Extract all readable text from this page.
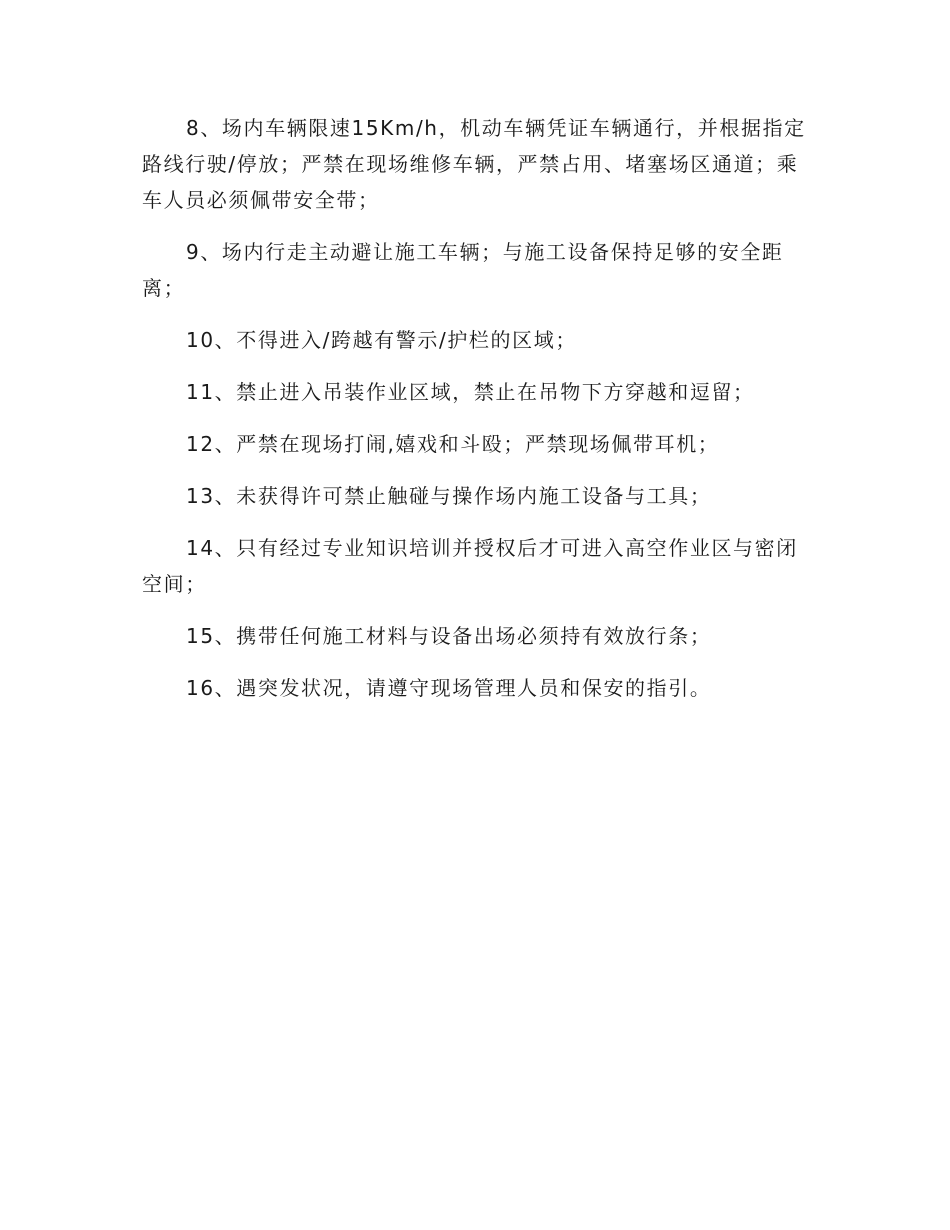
8、场内车辆限速15Km/h，机动车辆凭证车辆通行，并根据指定路线行驶/停放；严禁在现场维修车辆，严禁占用、堵塞场区通道；乘车人员必须佩带安全带；

9、场内行走主动避让施工车辆；与施工设备保持足够的安全距离；

10、不得进入/跨越有警示/护栏的区域；

11、禁止进入吊装作业区域，禁止在吊物下方穿越和逗留；

12、严禁在现场打闹,嬉戏和斗殴；严禁现场佩带耳机；

13、未获得许可禁止触碰与操作场内施工设备与工具；

14、只有经过专业知识培训并授权后才可进入高空作业区与密闭空间；

15、携带任何施工材料与设备出场必须持有效放行条；

16、遇突发状况，请遵守现场管理人员和保安的指引。
